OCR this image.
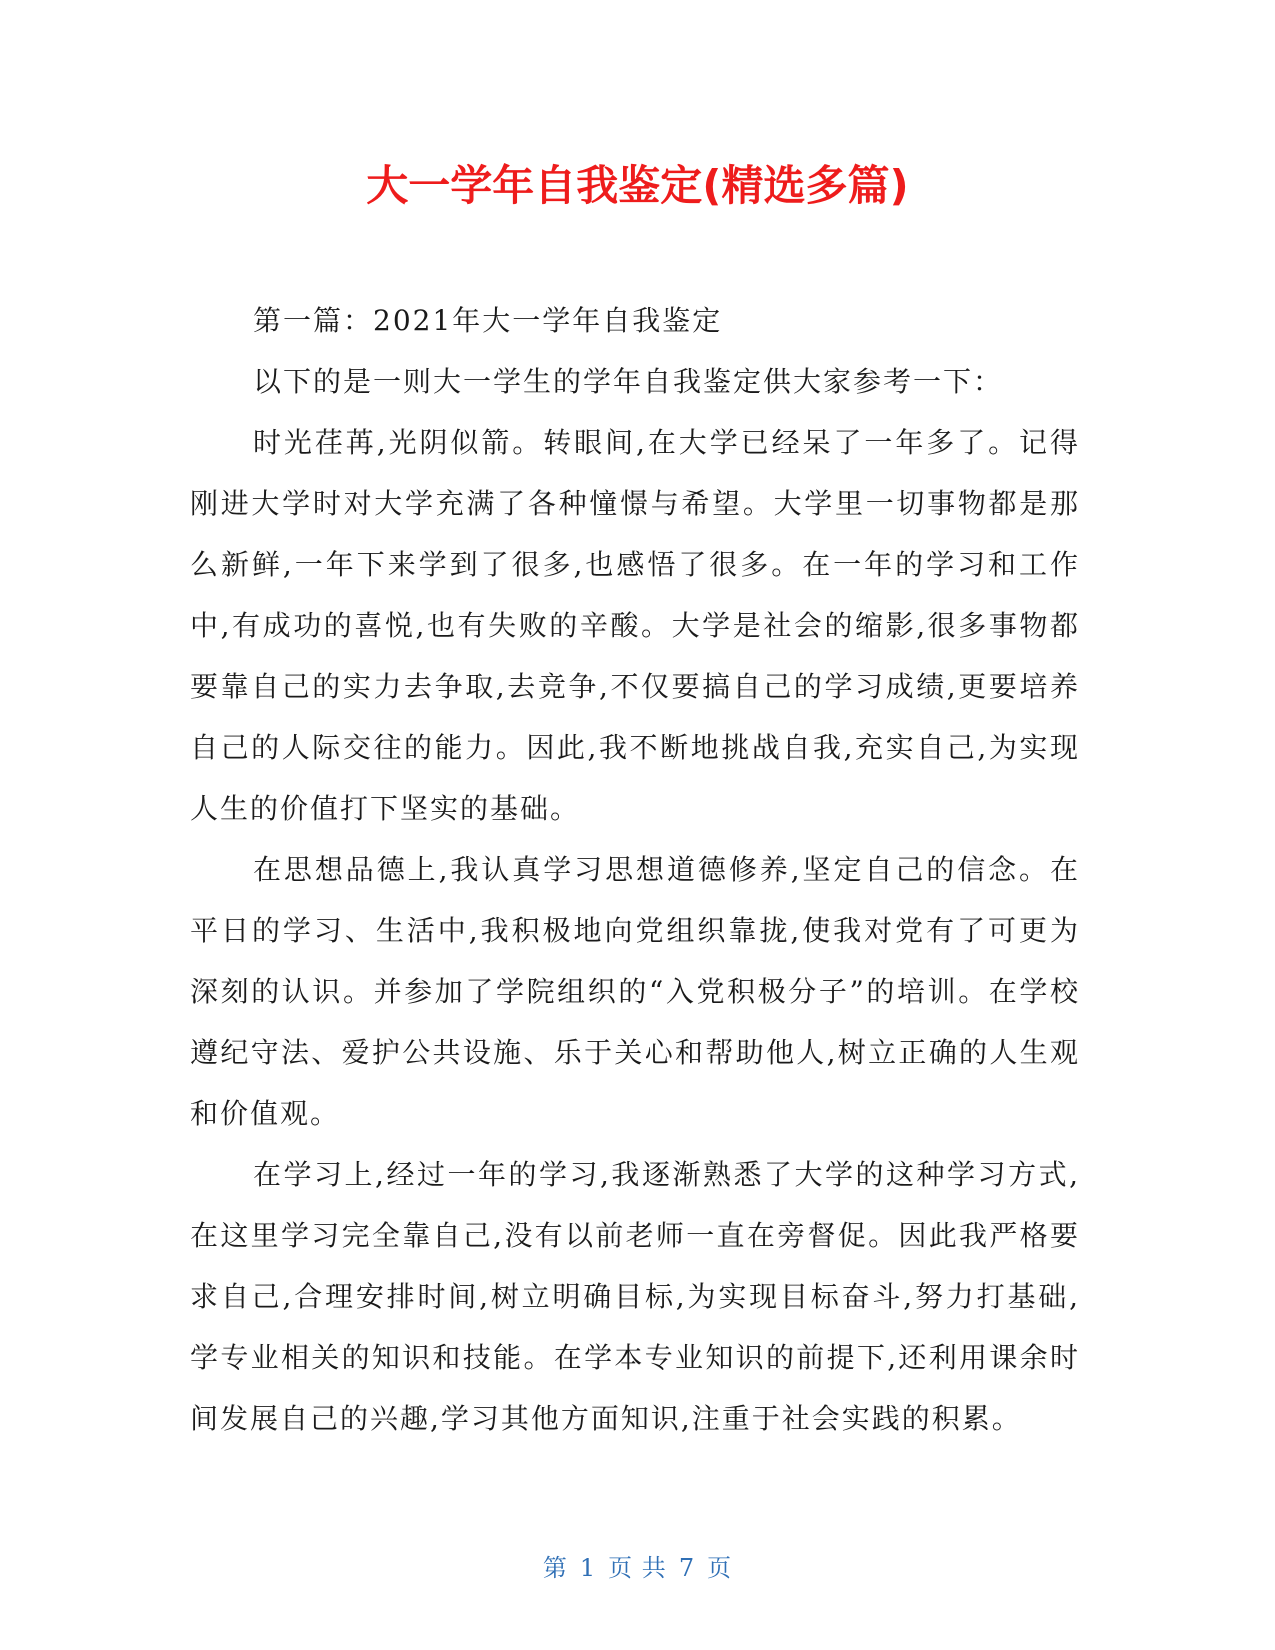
大一学年自我鉴定(精选多篇)

第一篇：2021年大一学年自我鉴定

以下的是一则大一学生的学年自我鉴定供大家参考一下：

时光荏苒,光阴似箭。转眼间,在大学已经呆了一年多了。记得刚进大学时对大学充满了各种憧憬与希望。大学里一切事物都是那么新鲜,一年下来学到了很多,也感悟了很多。在一年的学习和工作中,有成功的喜悦,也有失败的辛酸。大学是社会的缩影,很多事物都要靠自己的实力去争取,去竞争,不仅要搞自己的学习成绩,更要培养自己的人际交往的能力。因此,我不断地挑战自我,充实自己,为实现人生的价值打下坚实的基础。

在思想品德上,我认真学习思想道德修养,坚定自己的信念。在平日的学习、生活中,我积极地向党组织靠拢,使我对党有了可更为深刻的认识。并参加了学院组织的“入党积极分子”的培训。在学校遵纪守法、爱护公共设施、乐于关心和帮助他人,树立正确的人生观和价值观。

在学习上,经过一年的学习,我逐渐熟悉了大学的这种学习方式,在这里学习完全靠自己,没有以前老师一直在旁督促。因此我严格要求自己,合理安排时间,树立明确目标,为实现目标奋斗,努力打基础,学专业相关的知识和技能。在学本专业知识的前提下,还利用课余时间发展自己的兴趣,学习其他方面知识,注重于社会实践的积累。

第 1 页 共 7 页
